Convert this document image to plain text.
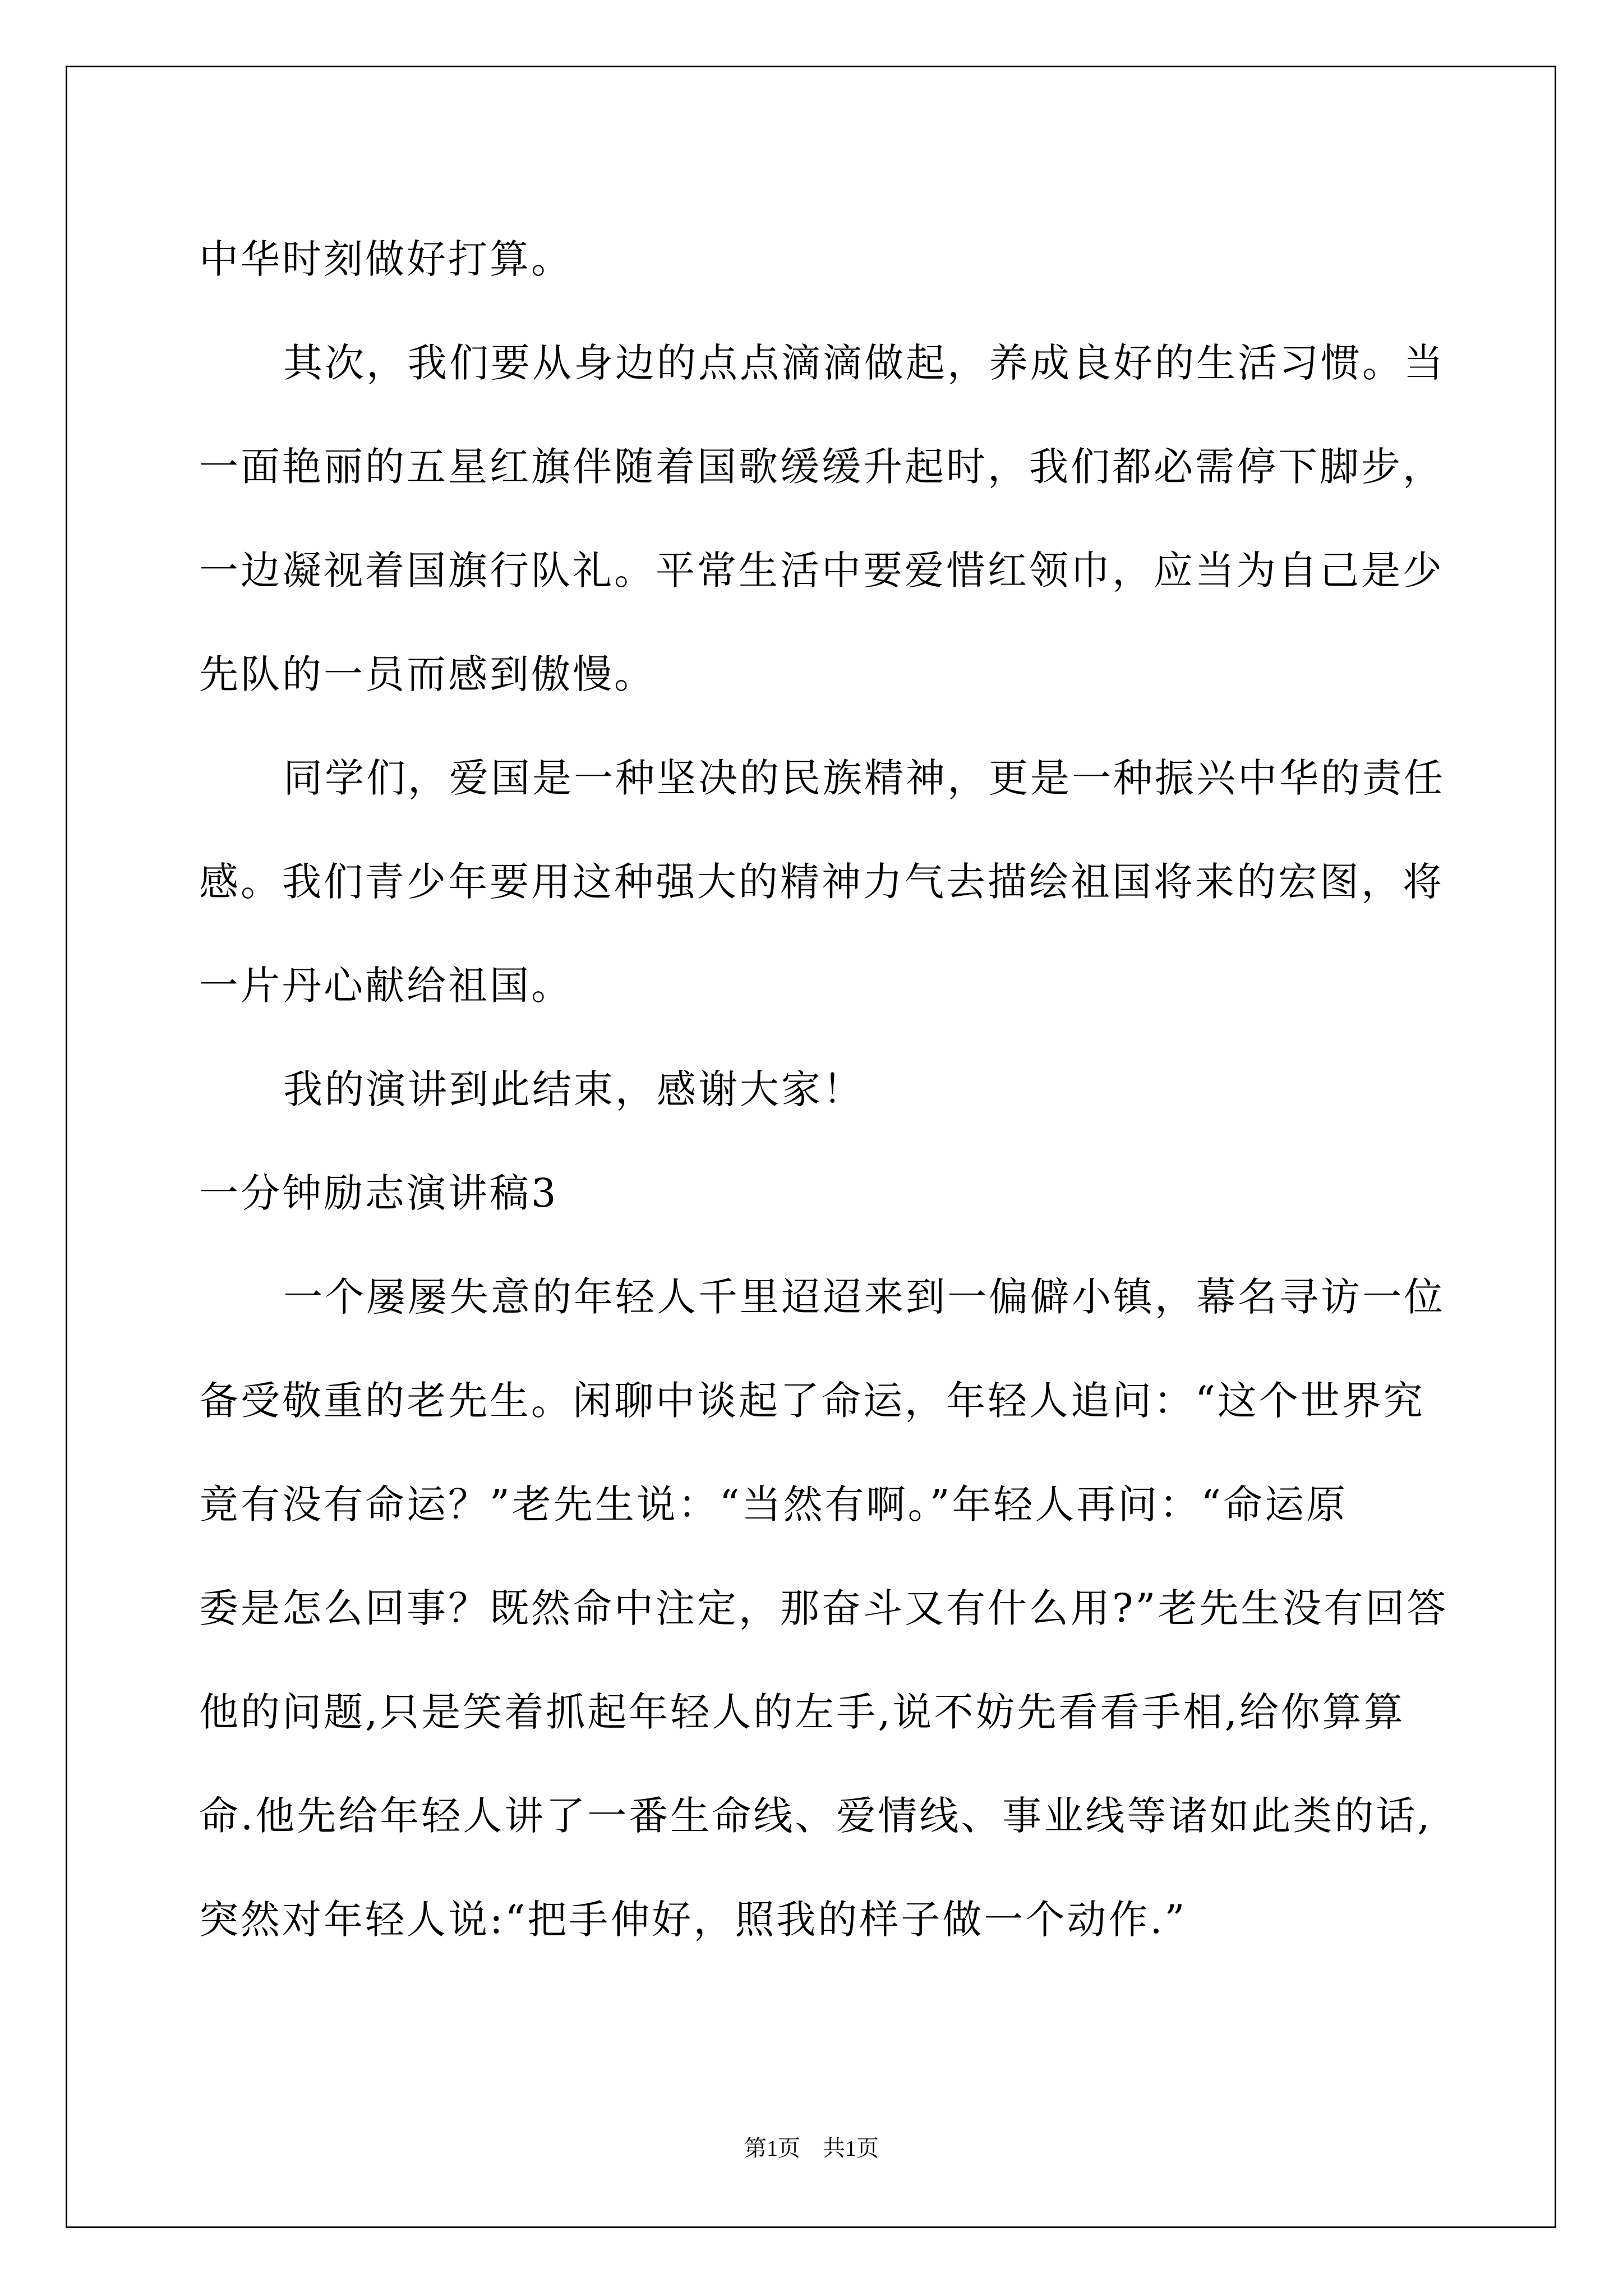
中华时刻做好打算。
其次，我们要从身边的点点滴滴做起，养成良好的生活习惯。当
一面艳丽的五星红旗伴随着国歌缓缓升起时，我们都必需停下脚步，
一边凝视着国旗行队礼。平常生活中要爱惜红领巾，应当为自己是少
先队的一员而感到傲慢。
同学们，爱国是一种坚决的民族精神，更是一种振兴中华的责任
感。我们青少年要用这种强大的精神力气去描绘祖国将来的宏图，将
一片丹心献给祖国。
我的演讲到此结束，感谢大家！
一分钟励志演讲稿3
一个屡屡失意的年轻人千里迢迢来到一偏僻小镇，幕名寻访一位
备受敬重的老先生。闲聊中谈起了命运，年轻人追问：“这个世界究
竟有没有命运？”老先生说：“当然有啊。”年轻人再问：“命运原
委是怎么回事？既然命中注定，那奋斗又有什么用?”老先生没有回答
他的问题,只是笑着抓起年轻人的左手,说不妨先看看手相,给你算算
命.他先给年轻人讲了一番生命线、爱情线、事业线等诸如此类的话,
突然对年轻人说:“把手伸好，照我的样子做一个动作.”
第1页　共1页
